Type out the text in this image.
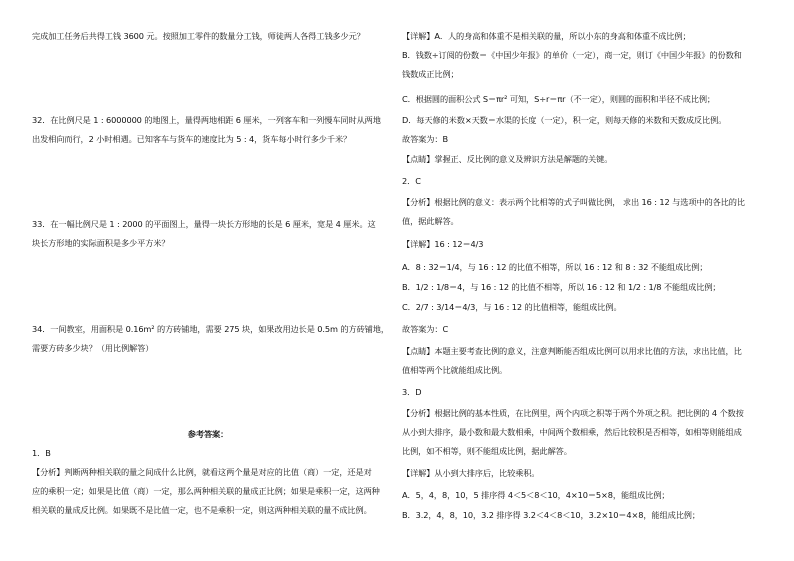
完成加工任务后共得工钱 3600 元。按照加工零件的数量分工钱，师徒两人各得工钱多少元？
32．在比例尺是 1 : 6000000 的地图上，量得两地相距 6 厘米，一列客车和一列慢车同时从两地
出发相向而行，2 小时相遇。已知客车与货车的速度比为 5 : 4，货车每小时行多少千米？
33．在一幅比例尺是 1 : 2000 的平面图上，量得一块长方形地的长是 6 厘米，宽是 4 厘米。这
块长方形地的实际面积是多少平方米？
34．一间教室，用面积是 0.16m² 的方砖铺地，需要 275 块，如果改用边长是 0.5m 的方砖铺地，
需要方砖多少块？（用比例解答）
参考答案：
1．B
【分析】判断两种相关联的量之间成什么比例，就看这两个量是对应的比值（商）一定，还是对
应的乘积一定；如果是比值（商）一定，那么两种相关联的量成正比例；如果是乘积一定，这两种
相关联的量成反比例。如果既不是比值一定，也不是乘积一定，则这两种相关联的量不成比例。
【详解】A．人的身高和体重不是相关联的量，所以小东的身高和体重不成比例；
B．钱数÷订阅的份数＝《中国少年报》的单价（一定），商一定，则订《中国少年报》的份数和
钱数成正比例；
C．根据圆的面积公式 S＝πr² 可知，S÷r＝πr（不一定），则圆的面积和半径不成比例；
D．每天修的米数×天数＝水渠的长度（一定），积一定，则每天修的米数和天数成反比例。
故答案为：B
【点睛】掌握正、反比例的意义及辨识方法是解题的关键。
2．C
【分析】根据比例的意义：表示两个比相等的式子叫做比例， 求出 16 : 12 与选项中的各比的比
值，据此解答。
【详解】16 : 12＝4/3
A．8 : 32＝1/4，与 16 : 12 的比值不相等，所以 16 : 12 和 8 : 32 不能组成比例；
B．1/2 : 1/8＝4，与 16 : 12 的比值不相等，所以 16 : 12 和 1/2 : 1/8 不能组成比例；
C．2/7 : 3/14＝4/3，与 16 : 12 的比值相等，能组成比例。
故答案为：C
【点睛】本题主要考查比例的意义，注意判断能否组成比例可以用求比值的方法，求出比值，比
值相等两个比就能组成比例。
3．D
【分析】根据比例的基本性质，在比例里，两个内项之积等于两个外项之积。把比例的 4 个数按
从小到大排序，最小数和最大数相乘，中间两个数相乘，然后比较积是否相等，如相等则能组成
比例，如不相等，则不能组成比例，据此解答。
【详解】从小到大排序后，比较乘积。
A．5，4，8，10，5 排序得 4＜5＜8＜10，4×10＝5×8，能组成比例；
B．3.2，4，8，10，3.2 排序得 3.2＜4＜8＜10，3.2×10＝4×8，能组成比例；
